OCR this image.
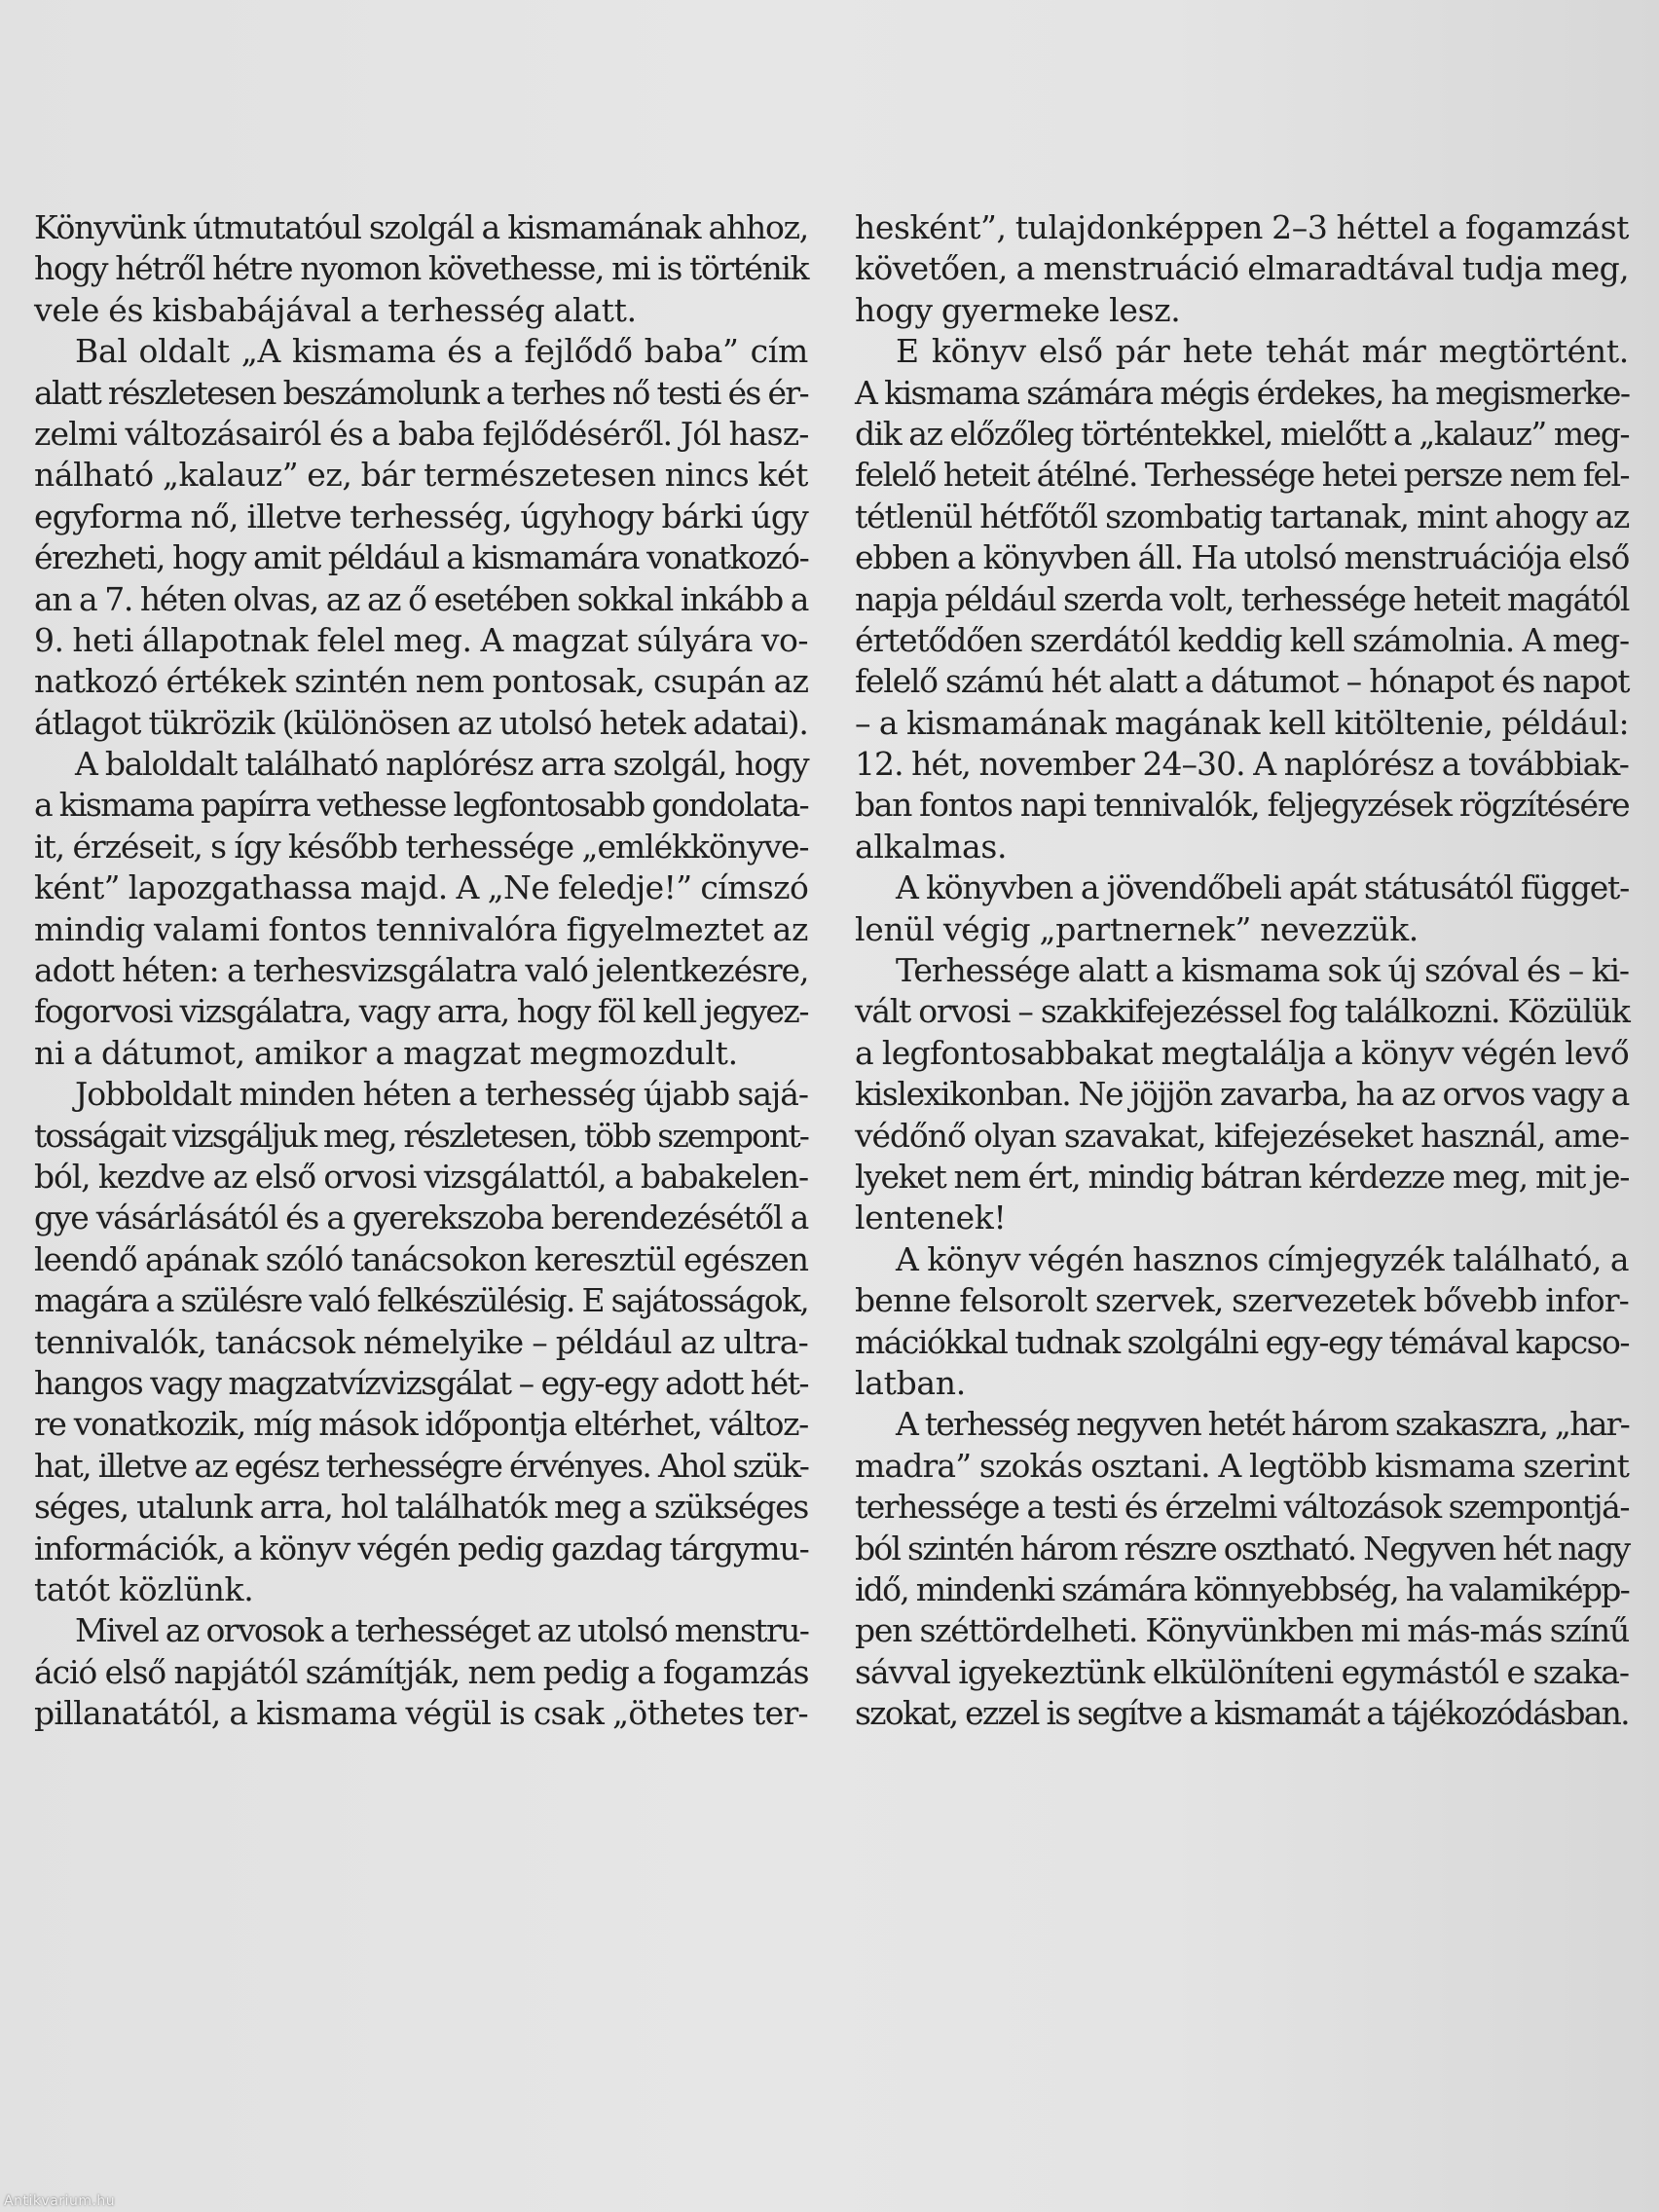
Könyvünk útmutatóul szolgál a kismamának ahhoz,
hogy hétről hétre nyomon követhesse, mi is történik
vele és kisbabájával a terhesség alatt.
Bal oldalt „A kismama és a fejlődő baba” cím
alatt részletesen beszámolunk a terhes nő testi és ér-
zelmi változásairól és a baba fejlődéséről. Jól hasz-
nálható „kalauz” ez, bár természetesen nincs két
egyforma nő, illetve terhesség, úgyhogy bárki úgy
érezheti, hogy amit például a kismamára vonatkozó-
an a 7. héten olvas, az az ő esetében sokkal inkább a
9. heti állapotnak felel meg. A magzat súlyára vo-
natkozó értékek szintén nem pontosak, csupán az
átlagot tükrözik (különösen az utolsó hetek adatai).
A baloldalt található naplórész arra szolgál, hogy
a kismama papírra vethesse legfontosabb gondolata-
it, érzéseit, s így később terhessége „emlékkönyve-
ként” lapozgathassa majd. A „Ne feledje!” címszó
mindig valami fontos tennivalóra figyelmeztet az
adott héten: a terhesvizsgálatra való jelentkezésre,
fogorvosi vizsgálatra, vagy arra, hogy föl kell jegyez-
ni a dátumot, amikor a magzat megmozdult.
Jobboldalt minden héten a terhesség újabb sajá-
tosságait vizsgáljuk meg, részletesen, több szempont-
ból, kezdve az első orvosi vizsgálattól, a babakelen-
gye vásárlásától és a gyerekszoba berendezésétől a
leendő apának szóló tanácsokon keresztül egészen
magára a szülésre való felkészülésig. E sajátosságok,
tennivalók, tanácsok némelyike – például az ultra-
hangos vagy magzatvízvizsgálat – egy-egy adott hét-
re vonatkozik, míg mások időpontja eltérhet, változ-
hat, illetve az egész terhességre érvényes. Ahol szük-
séges, utalunk arra, hol találhatók meg a szükséges
információk, a könyv végén pedig gazdag tárgymu-
tatót közlünk.
Mivel az orvosok a terhességet az utolsó menstru-
áció első napjától számítják, nem pedig a fogamzás
pillanatától, a kismama végül is csak „öthetes ter-
hesként”, tulajdonképpen 2–3 héttel a fogamzást
követően, a menstruáció elmaradtával tudja meg,
hogy gyermeke lesz.
E könyv első pár hete tehát már megtörtént.
A kismama számára mégis érdekes, ha megismerke-
dik az előzőleg történtekkel, mielőtt a „kalauz” meg-
felelő heteit átélné. Terhessége hetei persze nem fel-
tétlenül hétfőtől szombatig tartanak, mint ahogy az
ebben a könyvben áll. Ha utolsó menstruációja első
napja például szerda volt, terhessége heteit magától
értetődően szerdától keddig kell számolnia. A meg-
felelő számú hét alatt a dátumot – hónapot és napot
– a kismamának magának kell kitöltenie, például:
12. hét, november 24–30. A naplórész a továbbiak-
ban fontos napi tennivalók, feljegyzések rögzítésére
alkalmas.
A könyvben a jövendőbeli apát státusától függet-
lenül végig „partnernek” nevezzük.
Terhessége alatt a kismama sok új szóval és – ki-
vált orvosi – szakkifejezéssel fog találkozni. Közülük
a legfontosabbakat megtalálja a könyv végén levő
kislexikonban. Ne jöjjön zavarba, ha az orvos vagy a
védőnő olyan szavakat, kifejezéseket használ, ame-
lyeket nem ért, mindig bátran kérdezze meg, mit je-
lentenek!
A könyv végén hasznos címjegyzék található, a
benne felsorolt szervek, szervezetek bővebb infor-
mációkkal tudnak szolgálni egy-egy témával kapcso-
latban.
A terhesség negyven hetét három szakaszra, „har-
madra” szokás osztani. A legtöbb kismama szerint
terhessége a testi és érzelmi változások szempontjá-
ból szintén három részre osztható. Negyven hét nagy
idő, mindenki számára könnyebbség, ha valamiképp-
pen széttördelheti. Könyvünkben mi más-más színű
sávval igyekeztünk elkülöníteni egymástól e szaka-
szokat, ezzel is segítve a kismamát a tájékozódásban.
Antikvarium.hu
